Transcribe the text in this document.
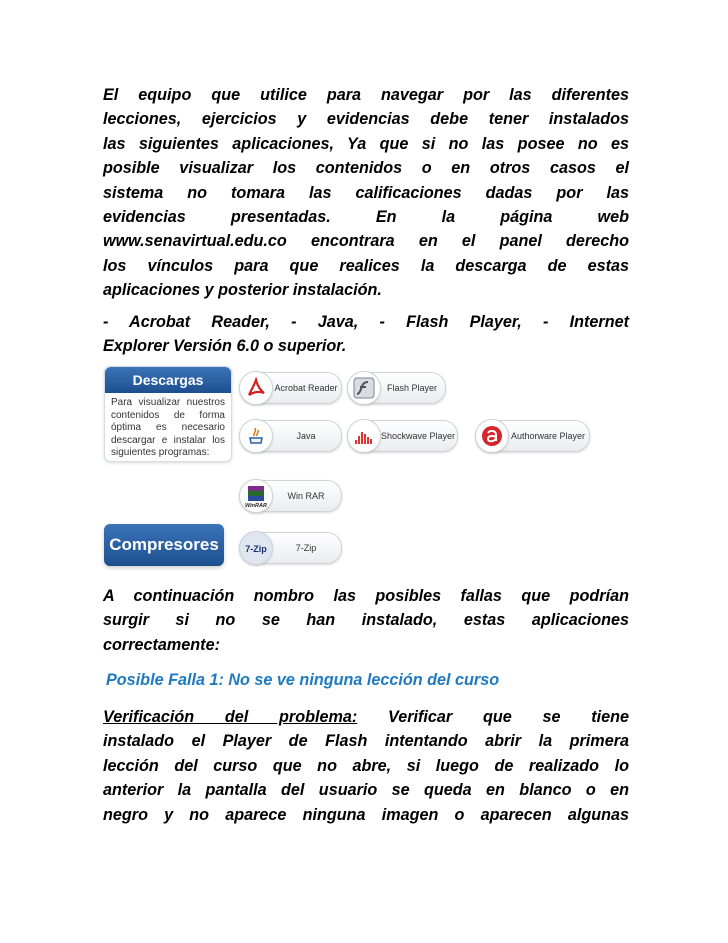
El equipo que utilice para navegar por las diferentes
lecciones, ejercicios y evidencias debe tener instalados
las siguientes aplicaciones, Ya que si no las posee no es
posible visualizar los contenidos o en otros casos el
sistema no tomara las calificaciones dadas por las
evidencias presentadas. En la página web
www.senavirtual.edu.co encontrara en el panel derecho
los vínculos para que realices la descarga de estas
aplicaciones y posterior instalación.
- Acrobat Reader, - Java, - Flash Player, - Internet
Explorer Versión 6.0 o superior.
Descargas
Para visualizar nuestros contenidos de forma óptima es necesario descargar e instalar los siguientes programas:
Compresores
Acrobat Reader	Flash Player
Java	Shockwave Player	Authorware Player
WinRAR
Win RAR
7-Zip	7-Zip
A continuación nombro las posibles fallas que podrían
surgir si no se han instalado, estas aplicaciones
correctamente:
Posible Falla 1: No se ve ninguna lección del curso
Verificación del problema: Verificar que se tiene
instalado el Player de Flash intentando abrir la primera
lección del curso que no abre, si luego de realizado lo
anterior la pantalla del usuario se queda en blanco o en
negro y no aparece ninguna imagen o aparecen algunas
